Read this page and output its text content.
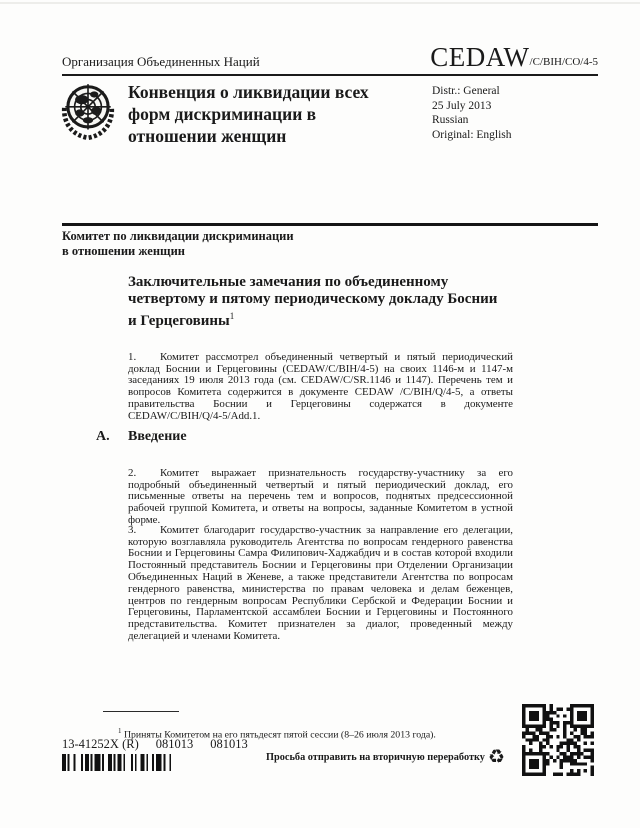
Организация Объединенных Наций	CEDAW /C/BIH/CO/4-5
Конвенция о ликвидации всех
форм дискриминации в
отношении женщин
Distr.: General
25 July 2013
Russian
Original: English
Комитет по ликвидации дискриминации
в отношении женщин
Заключительные замечания по объединенному
четвертому и пятому периодическому докладу Боснии
и Герцеговины$^1$

1. Комитет рассмотрел объединенный четвертый и пятый периодический доклад Боснии и Герцеговины (CEDAW/C/BIH/4-5) на своих 1146-м и 1147-м заседаниях 19 июля 2013 года (см. CEDAW/C/SR.1146 и 1147). Перечень тем и вопросов Комитета содержится в документе CEDAW /C/BIH/Q/4-5, а ответы правительства Боснии и Герцеговины содержатся в документе CEDAW/C/BIH/Q/4-5/Add.1.

A. Введение

2. Комитет выражает признательность государству-участнику за его подробный объединенный четвертый и пятый периодический доклад, его письменные ответы на перечень тем и вопросов, поднятых предсессионной рабочей группой Комитета, и ответы на вопросы, заданные Комитетом в устной форме.

3. Комитет благодарит государство-участник за направление его делегации, которую возглавляла руководитель Агентства по вопросам гендерного равенства Боснии и Герцеговины Самра Филипович-Хаджабдич и в состав которой входили Постоянный представитель Боснии и Герцеговины при Отделении Организации Объединенных Наций в Женеве, а также представители Агентства по вопросам гендерного равенства, министерства по правам человека и делам беженцев, центров по гендерным вопросам Республики Сербской и Федерации Боснии и Герцеговины, Парламентской ассамблеи Боснии и Герцеговины и Постоянного представительства. Комитет признателен за диалог, проведенный между делегацией и членами Комитета.

$^1$ Приняты Комитетом на его пятьдесят пятой сессии (8–26 июля 2013 года).

13-41252X (R) 081013 081013
Просьба отправить на вторичную переработку ♻
